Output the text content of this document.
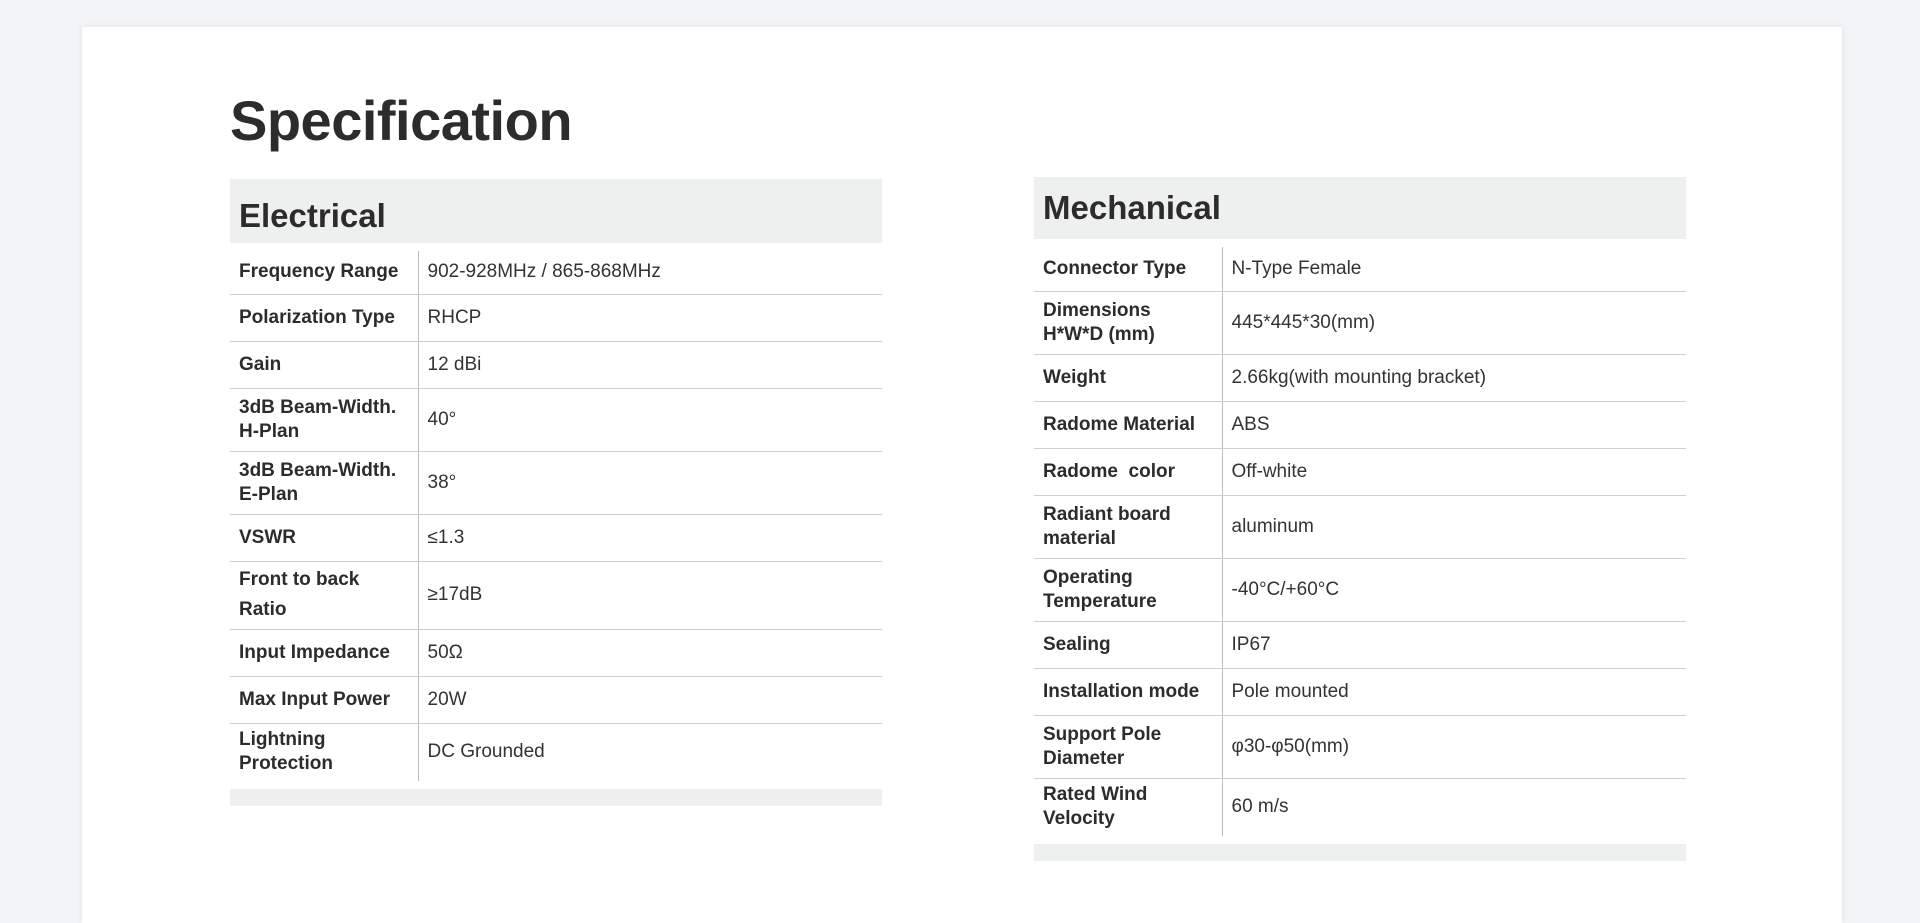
Specification
Electrical
Frequency Range	902-928MHz / 865-868MHz
Polarization Type	RHCP
Gain	12 dBi
3dB Beam-Width. H-Plan	40°
3dB Beam-Width. E-Plan	38°
VSWR	≤1.3
Front to back Ratio	≥17dB
Input Impedance	50Ω
Max Input Power	20W
Lightning Protection	DC Grounded
Mechanical
Connector Type	N-Type Female
Dimensions H*W*D (mm)	445*445*30(mm)
Weight	2.66kg(with mounting bracket)
Radome Material	ABS
Radome  color	Off-white
Radiant board material	aluminum
Operating Temperature	-40°C/+60°C
Sealing	IP67
Installation mode	Pole mounted
Support Pole Diameter	φ30-φ50(mm)
Rated Wind Velocity	60 m/s
